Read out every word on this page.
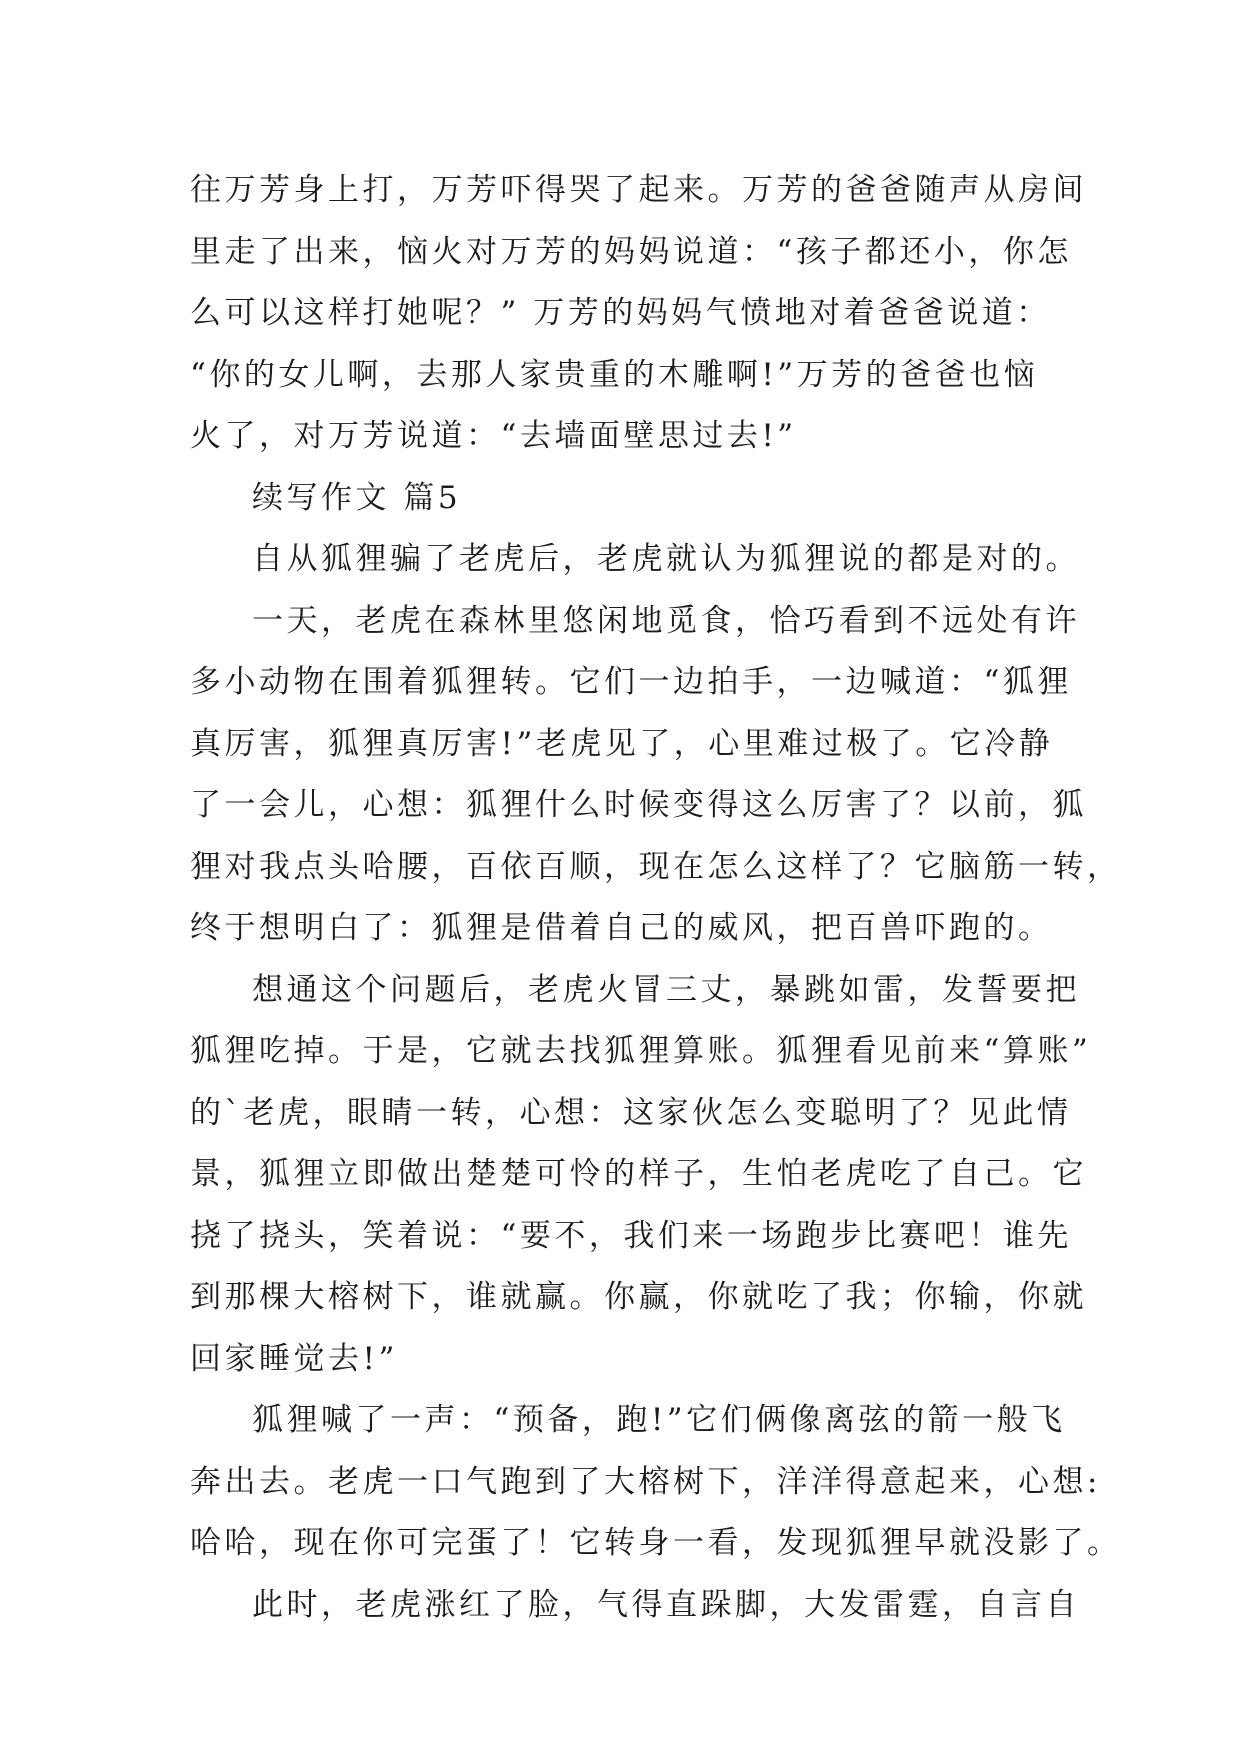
往万芳身上打，万芳吓得哭了起来。万芳的爸爸随声从房间
里走了出来，恼火对万芳的妈妈说道：“孩子都还小，你怎
么可以这样打她呢？” 万芳的妈妈气愤地对着爸爸说道：
“你的女儿啊，去那人家贵重的木雕啊!”万芳的爸爸也恼
火了，对万芳说道：“去墙面壁思过去!”
续写作文 篇5
自从狐狸骗了老虎后，老虎就认为狐狸说的都是对的。
一天，老虎在森林里悠闲地觅食，恰巧看到不远处有许
多小动物在围着狐狸转。它们一边拍手，一边喊道：“狐狸
真厉害，狐狸真厉害!”老虎见了，心里难过极了。它冷静
了一会儿，心想：狐狸什么时候变得这么厉害了？以前，狐
狸对我点头哈腰，百依百顺，现在怎么这样了？它脑筋一转，
终于想明白了：狐狸是借着自己的威风，把百兽吓跑的。
想通这个问题后，老虎火冒三丈，暴跳如雷，发誓要把
狐狸吃掉。于是，它就去找狐狸算账。狐狸看见前来“算账”
的`老虎，眼睛一转，心想：这家伙怎么变聪明了？见此情
景，狐狸立即做出楚楚可怜的样子，生怕老虎吃了自己。它
挠了挠头，笑着说：“要不，我们来一场跑步比赛吧！谁先
到那棵大榕树下，谁就赢。你赢，你就吃了我；你输，你就
回家睡觉去!”
狐狸喊了一声：“预备，跑!”它们俩像离弦的箭一般飞
奔出去。老虎一口气跑到了大榕树下，洋洋得意起来，心想:
哈哈，现在你可完蛋了！它转身一看，发现狐狸早就没影了。
此时，老虎涨红了脸，气得直跺脚，大发雷霆，自言自
